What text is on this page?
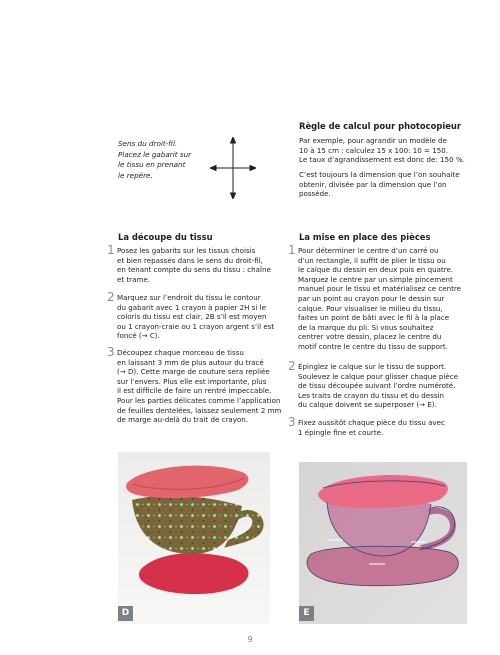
Sens du droit-fil.
Placez le gabarit sur
le tissu en prenant
le repère.
Règle de calcul pour photocopieur
Par exemple, pour agrandir un modèle de
10 à 15 cm : calculez 15 x 100: 10 = 150.
Le taux d’agrandissement est donc de: 150 %.
C’est toujours la dimension que l’on souhaite
obtenir, divisée par la dimension que l’on
possède.
La découpe du tissu
1 Posez les gabarits sur les tissus choisis
et bien repassés dans le sens du droit-fil,
en tenant compte du sens du tissu : chaîne
et trame.
2 Marquez sur l’endroit du tissu le contour
du gabarit avec 1 crayon à papier 2H si le
coloris du tissu est clair, 2B s’il est moyen
ou 1 crayon-craie ou 1 crayon argent s’il est
foncé (→ C).
3 Découpez chaque morceau de tissu
en laissant 3 mm de plus autour du tracé
(→ D). Cette marge de couture sera repliée
sur l’envers. Plus elle est importante, plus
il est difficile de faire un rentré impeccable.
Pour les parties délicates comme l’application
de feuilles dentelées, laissez seulement 2 mm
de marge au-delà du trait de crayon.
La mise en place des pièces
1 Pour déterminer le centre d’un carré ou
d’un rectangle, il suffit de plier le tissu ou
le calque du dessin en deux puis en quatre.
Marquez le centre par un simple pincement
manuel pour le tissu et matérialisez ce centre
par un point au crayon pour le dessin sur
calque. Pour visualiser le milieu du tissu,
faites un point de bâti avec le fil à la place
de la marque du pli. Si vous souhaitez
centrer votre dessin, placez le centre du
motif contre le centre du tissu de support.
2 Épinglez le calque sur le tissu de support.
Soulevez le calque pour glisser chaque pièce
de tissu découpée suivant l’ordre numéroté.
Les traits de crayon du tissu et du dessin
du calque doivent se superposer (→ E).
3 Fixez aussitôt chaque pièce du tissu avec
1 épingle fine et courte.
D	E
9
